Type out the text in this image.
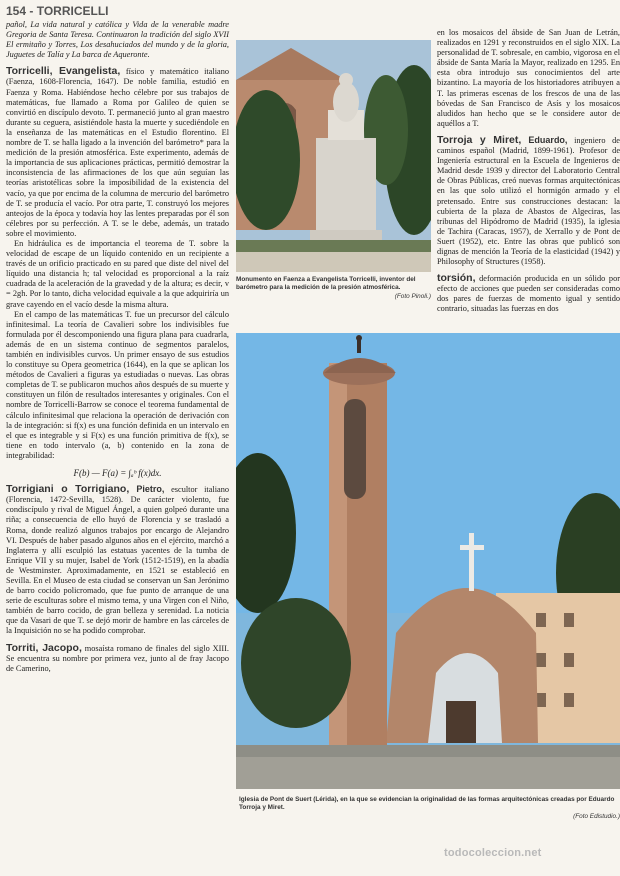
154 - TORRICELLI

pañol, La vida natural y católica y Vida de la venerable madre Gregoria de Santa Teresa. Continuaron la tradición del siglo XVII El ermitaño y Torres, Los desahuciados del mundo y de la gloria, Juguetes de Talía y La barca de Aqueronte.

Torricelli, Evangelista, físico y matemático italiano (Faenza, 1608-Florencia, 1647). De noble familia, estudió en Faenza y Roma. Habiéndose hecho célebre por sus trabajos de matemáticas, fue llamado a Roma por Galileo de quien se convirtió en discípulo devoto. T. permaneció junto al gran maestro durante su ceguera, asistiéndole hasta la muerte y sucediéndole en la enseñanza de las matemáticas en el Estudio florentino. El nombre de T. se halla ligado a la invención del barómetro* para la medición de la presión atmosférica. Este experimento, además de la importancia de sus aplicaciones prácticas, permitió demostrar la inconsistencia de las afirmaciones de los que aún seguían las teorías aristotélicas sobre la imposibilidad de la existencia del vacío, ya que por encima de la columna de mercurio del barómetro de T. se producía el vacío. Por otra parte, T. construyó los mejores anteojos de la época y todavía hoy las lentes preparadas por él son célebres por su perfección. A T. se le debe, además, un tratado sobre el movimiento.

En hidráulica es de importancia el teorema de T. sobre la velocidad de escape de un líquido contenido en un recipiente a través de un orificio practicado en su pared que diste del nivel del líquido una distancia h; tal velocidad es proporcional a la raíz cuadrada de la aceleración de la gravedad y de la altura; es decir, v = 2gh. Por lo tanto, dicha velocidad equivale a la que adquiriría un grave cayendo en el vacío desde la misma altura.

En el campo de las matemáticas T. fue un precursor del cálculo infinitesimal. La teoría de Cavalieri sobre los indivisibles fue formulada por él descomponiendo una figura plana para cuadrarla, además de en un sistema continuo de segmentos paralelos, también en indivisibles curvos. Un primer ensayo de sus estudios lo constituye su Opera geometrica (1644), en la que se aplican los métodos de Cavalieri a figuras ya estudiadas o nuevas. Las obras completas de T. se publicaron muchos años después de su muerte y constituyen un filón de resultados interesantes y originales. Con el nombre de Torricelli-Barrow se conoce el teorema fundamental de cálculo infinitesimal que relaciona la operación de derivación con la de integración: si f(x) es una función definida en un intervalo en el que es integrable y si F(x) es una función primitiva de f(x), se tiene en todo intervalo (a, b) contenido en la zona de integrabilidad:

F(b) — F(a) = ∫ₐᵇ f(x)dx.

Torrigiani o Torrigiano, Pietro, escultor italiano (Florencia, 1472-Sevilla, 1528). De carácter violento, fue condiscípulo y rival de Miguel Ángel, a quien golpeó durante una riña; a consecuencia de ello huyó de Florencia y se trasladó a Roma, donde realizó algunos trabajos por encargo de Alejandro VI. Después de haber pasado algunos años en el ejército, marchó a Inglaterra y allí esculpió las estatuas yacentes de la tumba de Enrique VII y su mujer, Isabel de York (1512-1519), en la abadía de Westminster. Aproximadamente, en 1521 se estableció en Sevilla. En el Museo de esta ciudad se conservan un San Jerónimo de barro cocido policromado, que fue punto de arranque de una serie de esculturas sobre el mismo tema, y una Virgen con el Niño, también de barro cocido, de gran belleza y serenidad. La noticia que da Vasari de que T. se dejó morir de hambre en las cárceles de la Inquisición no se ha podido comprobar.

Torriti, Jacopo, mosaísta romano de finales del siglo XIII. Se encuentra su nombre por primera vez, junto al de fray Jacopo de Camerino,

Monumento en Faenza a Evangelista Torricelli, inventor del barómetro para la medición de la presión atmosférica.
(Foto Pinoli.)

en los mosaicos del ábside de San Juan de Letrán, realizados en 1291 y reconstruidos en el siglo XIX. La personalidad de T. sobresale, en cambio, vigorosa en el ábside de Santa María la Mayor, realizado en 1295. En esta obra introdujo sus conocimientos del arte bizantino. La mayoría de los historiadores atribuyen a T. las primeras escenas de los frescos de una de las bóvedas de San Francisco de Asís y los mosaicos aludidos han hecho que se le considere autor de aquéllos a T.

Torroja y Miret, Eduardo, ingeniero de caminos español (Madrid, 1899-1961). Profesor de Ingeniería estructural en la Escuela de Ingenieros de Madrid desde 1939 y director del Laboratorio Central de Obras Públicas, creó nuevas formas arquitectónicas en las que solo utilizó el hormigón armado y el pretensado. Entre sus construcciones destacan: la cubierta de la plaza de Abastos de Algeciras, las tribunas del Hipódromo de Madrid (1935), la iglesia de Tachira (Caracas, 1957), de Xerrallo y de Pont de Suert (1952), etc. Entre las obras que publicó son dignas de mención la Teoría de la elasticidad (1942) y Philosophy of Structures (1958).

torsión, deformación producida en un sólido por efecto de acciones que pueden ser consideradas como dos pares de fuerzas de momento igual y sentido contrario, situadas las fuerzas en dos

Iglesia de Pont de Suert (Lérida), en la que se evidencian la originalidad de las formas arquitectónicas creadas por Eduardo Torroja y Miret.
(Foto Edistudio.)
todocoleccion.net
